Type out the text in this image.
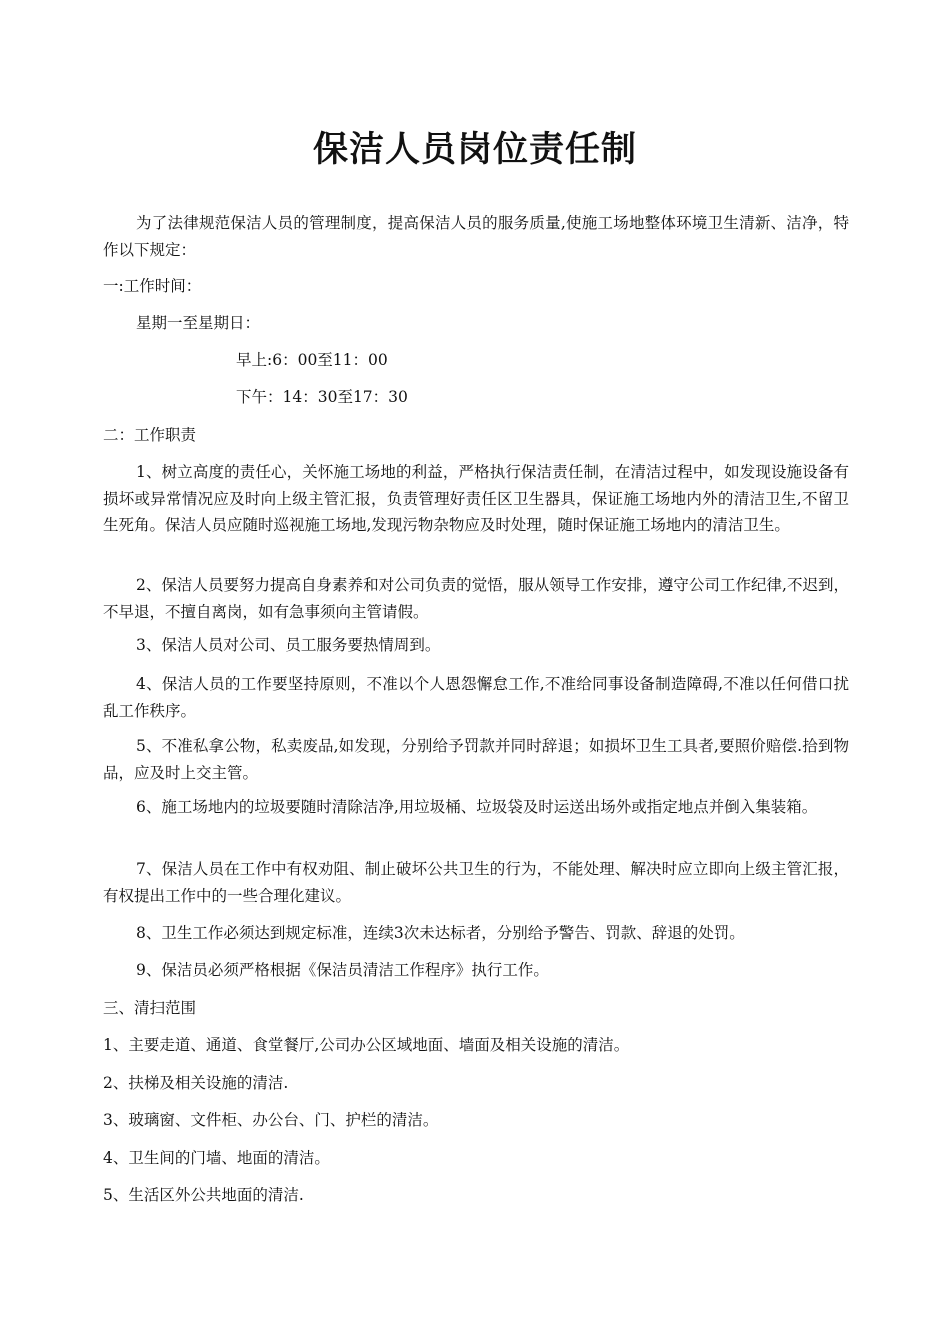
保洁人员岗位责任制
为了法律规范保洁人员的管理制度，提高保洁人员的服务质量,使施工场地整体环境卫生清新、洁净，特作以下规定：
一:工作时间：
星期一至星期日：
早上:6：00至11：00
下午：14：30至17：30
二：工作职责
1、树立高度的责任心，关怀施工场地的利益，严格执行保洁责任制，在清洁过程中，如发现设施设备有损坏或异常情况应及时向上级主管汇报，负责管理好责任区卫生器具，保证施工场地内外的清洁卫生,不留卫生死角。保洁人员应随时巡视施工场地,发现污物杂物应及时处理，随时保证施工场地内的清洁卫生。
2、保洁人员要努力提高自身素养和对公司负责的觉悟，服从领导工作安排，遵守公司工作纪律,不迟到，不早退，不擅自离岗，如有急事须向主管请假。
3、保洁人员对公司、员工服务要热情周到。
4、保洁人员的工作要坚持原则，不准以个人恩怨懈怠工作,不准给同事设备制造障碍,不准以任何借口扰乱工作秩序。
5、不准私拿公物，私卖废品,如发现，分别给予罚款并同时辞退；如损坏卫生工具者,要照价赔偿.拾到物品，应及时上交主管。
6、施工场地内的垃圾要随时清除洁净,用垃圾桶、垃圾袋及时运送出场外或指定地点并倒入集装箱。
7、保洁人员在工作中有权劝阻、制止破坏公共卫生的行为，不能处理、解决时应立即向上级主管汇报，有权提出工作中的一些合理化建议。
8、卫生工作必须达到规定标准，连续3次未达标者，分别给予警告、罚款、辞退的处罚。
9、保洁员必须严格根据《保洁员清洁工作程序》执行工作。
三、清扫范围
1、主要走道、通道、食堂餐厅,公司办公区域地面、墙面及相关设施的清洁。
2、扶梯及相关设施的清洁.
3、玻璃窗、文件柜、办公台、门、护栏的清洁。
4、卫生间的门墙、地面的清洁。
5、生活区外公共地面的清洁.
